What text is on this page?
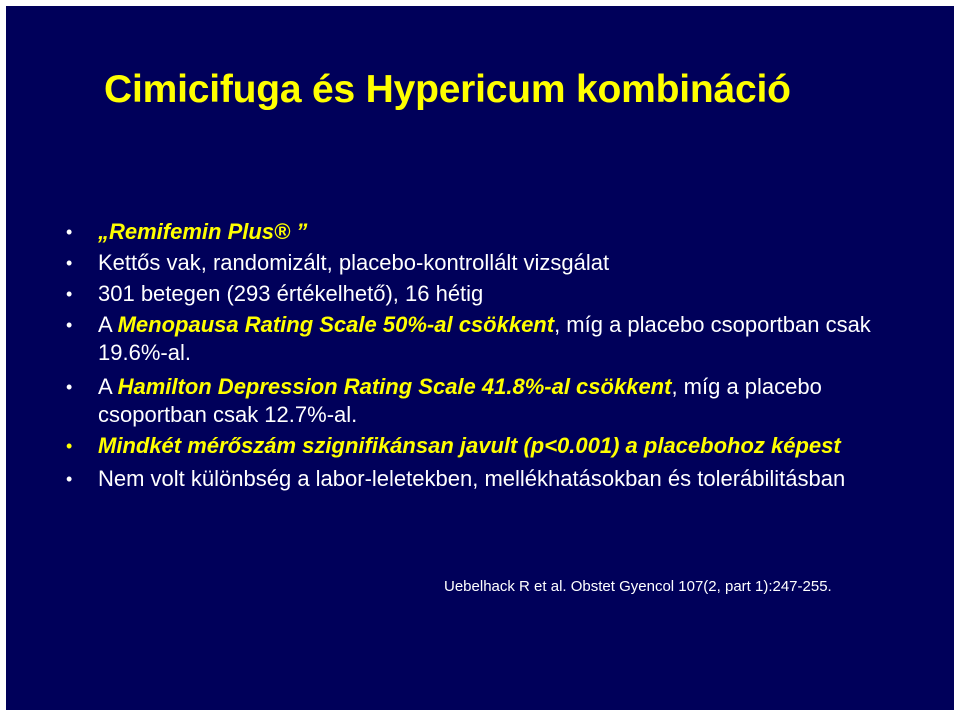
Cimicifuga és Hypericum kombináció
• „Remifemin Plus® ”
• Kettős vak, randomizált, placebo-kontrollált vizsgálat
• 301 betegen (293 értékelhető), 16 hétig
• A Menopausa Rating Scale 50%-al csökkent, míg a placebo csoportban csak 19.6%-al.
• A Hamilton Depression Rating Scale 41.8%-al csökkent, míg a placebo csoportban csak 12.7%-al.
• Mindkét mérőszám szignifikánsan javult (p<0.001) a placebohoz képest
• Nem volt különbség a labor-leletekben, mellékhatásokban és tolerábilitásban
Uebelhack R et al. Obstet Gyencol 107(2, part 1):247-255.
